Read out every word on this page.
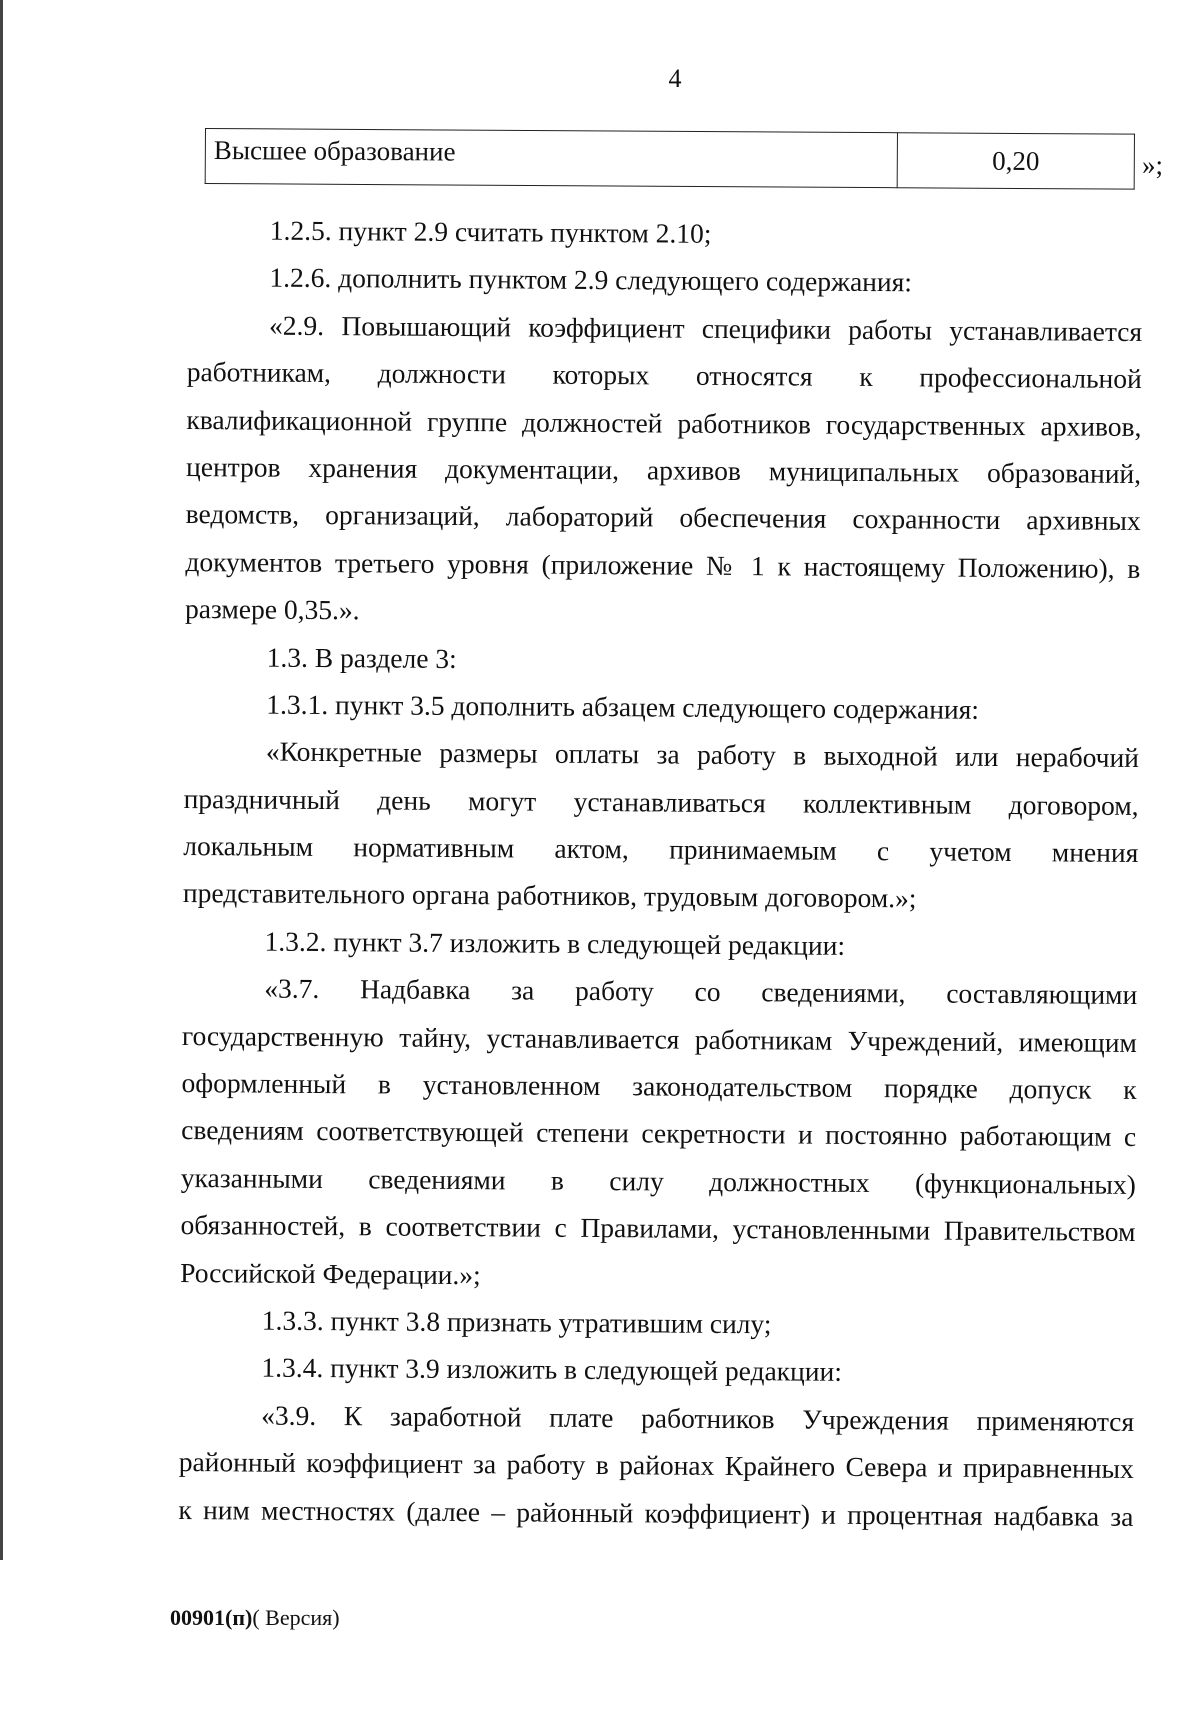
4
Высшее образование	0,20	»;
1.2.5. пункт 2.9 считать пунктом 2.10;
1.2.6. дополнить пунктом 2.9 следующего содержания:
«2.9. Повышающий коэффициент специфики работы устанавливается
работникам, должности которых относятся к профессиональной
квалификационной группе должностей работников государственных архивов,
центров хранения документации, архивов муниципальных образований,
ведомств, организаций, лабораторий обеспечения сохранности архивных
документов третьего уровня (приложение № 1 к настоящему Положению), в
размере 0,35.».
1.3. В разделе 3:
1.3.1. пункт 3.5 дополнить абзацем следующего содержания:
«Конкретные размеры оплаты за работу в выходной или нерабочий
праздничный день могут устанавливаться коллективным договором,
локальным нормативным актом, принимаемым с учетом мнения
представительного органа работников, трудовым договором.»;
1.3.2. пункт 3.7 изложить в следующей редакции:
«3.7. Надбавка за работу со сведениями, составляющими
государственную тайну, устанавливается работникам Учреждений, имеющим
оформленный в установленном законодательством порядке допуск к
сведениям соответствующей степени секретности и постоянно работающим с
указанными сведениями в силу должностных (функциональных)
обязанностей, в соответствии с Правилами, установленными Правительством
Российской Федерации.»;
1.3.3. пункт 3.8 признать утратившим силу;
1.3.4. пункт 3.9 изложить в следующей редакции:
«3.9. К заработной плате работников Учреждения применяются
районный коэффициент за работу в районах Крайнего Севера и приравненных
к ним местностях (далее – районный коэффициент) и процентная надбавка за
00901(п)( Версия)
